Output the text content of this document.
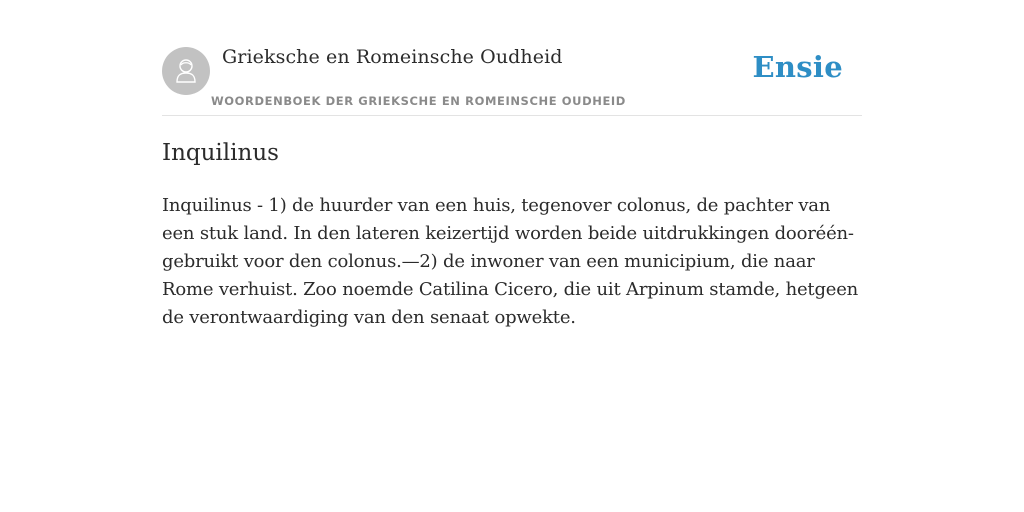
Grieksche en Romeinsche Oudheid
WOORDENBOEK DER GRIEKSCHE EN ROMEINSCHE OUDHEID
Ensie
Inquilinus

Inquilinus - 1) de huurder van een huis, tegenover colonus, de pachter van een stuk land. In den lateren keizertijd worden beide uitdrukkingen dooréén-gebruikt voor den colonus.—2) de inwoner van een municipium, die naar Rome verhuist. Zoo noemde Catilina Cicero, die uit Arpinum stamde, hetgeen de verontwaardiging van den senaat opwekte.
